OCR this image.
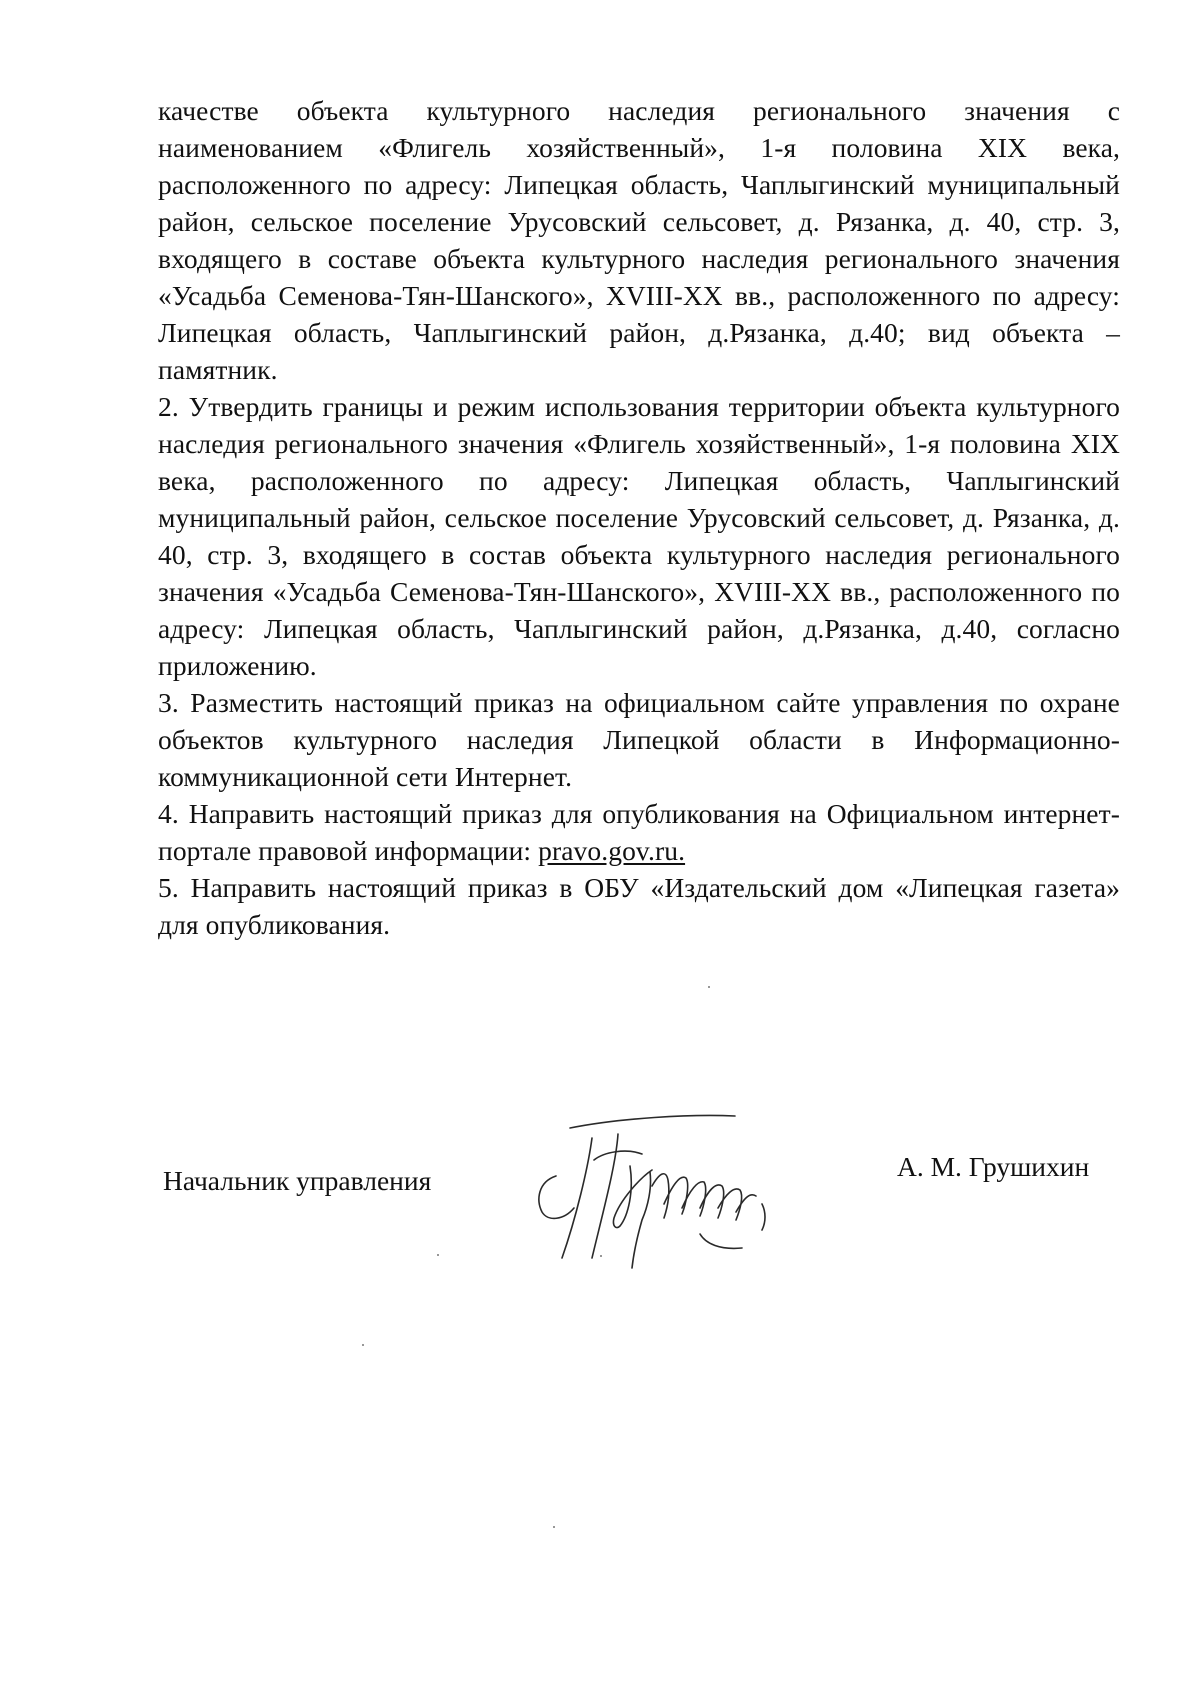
качестве объекта культурного наследия регионального значения с наименованием «Флигель хозяйственный», 1-я половина XIX века, расположенного по адресу: Липецкая область, Чаплыгинский муниципальный район, сельское поселение Урусовский сельсовет, д. Рязанка, д. 40, стр. 3, входящего в составе объекта культурного наследия регионального значения «Усадьба Семенова-Тян-Шанского», XVIII-XX вв., расположенного по адресу: Липецкая область, Чаплыгинский район, д.Рязанка, д.40; вид объекта – памятник.

2. Утвердить границы и режим использования территории объекта культурного наследия регионального значения «Флигель хозяйственный», 1-я половина XIX века, расположенного по адресу: Липецкая область, Чаплыгинский муниципальный район, сельское поселение Урусовский сельсовет, д. Рязанка, д. 40, стр. 3, входящего в состав объекта культурного наследия регионального значения «Усадьба Семенова-Тян-Шанского», XVIII-XX вв., расположенного по адресу: Липецкая область, Чаплыгинский район, д.Рязанка, д.40, согласно приложению.

3. Разместить настоящий приказ на официальном сайте управления по охране объектов культурного наследия Липецкой области в Информационно-коммуникационной сети Интернет.

4. Направить настоящий приказ для опубликования на Официальном интернет-портале правовой информации: pravo.gov.ru.

5. Направить настоящий приказ в ОБУ «Издательский дом «Липецкая газета» для опубликования.

Начальник управления	А. М. Грушихин
